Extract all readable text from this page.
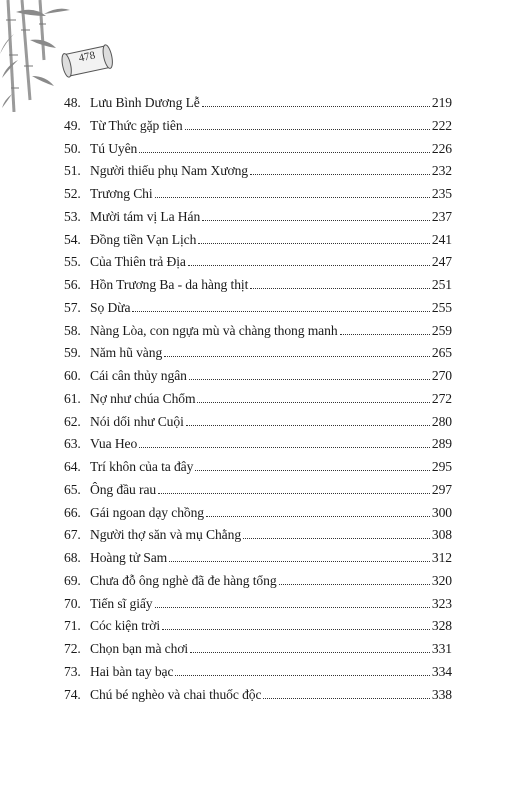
478
48. Lưu Bình Dương Lễ	219
49. Từ Thức gặp tiên	222
50. Tú Uyên	226
51. Người thiếu phụ Nam Xương	232
52. Trương Chi	235
53. Mười tám vị La Hán	237
54. Đồng tiền Vạn Lịch	241
55. Của Thiên trả Địa	247
56. Hồn Trương Ba - da hàng thịt	251
57. Sọ Dừa	255
58. Nàng Lòa, con ngựa mù và chàng thong manh	259
59. Năm hũ vàng	265
60. Cái cân thủy ngân	270
61. Nợ như chúa Chổm	272
62. Nói dối như Cuội	280
63. Vua Heo	289
64. Trí khôn của ta đây	295
65. Ông đầu rau	297
66. Gái ngoan dạy chồng	300
67. Người thợ săn và mụ Chằng	308
68. Hoàng tử Sam	312
69. Chưa đỗ ông nghè đã đe hàng tổng	320
70. Tiến sĩ giấy	323
71. Cóc kiện trời	328
72. Chọn bạn mà chơi	331
73. Hai bàn tay bạc	334
74. Chú bé nghèo và chai thuốc độc	338
